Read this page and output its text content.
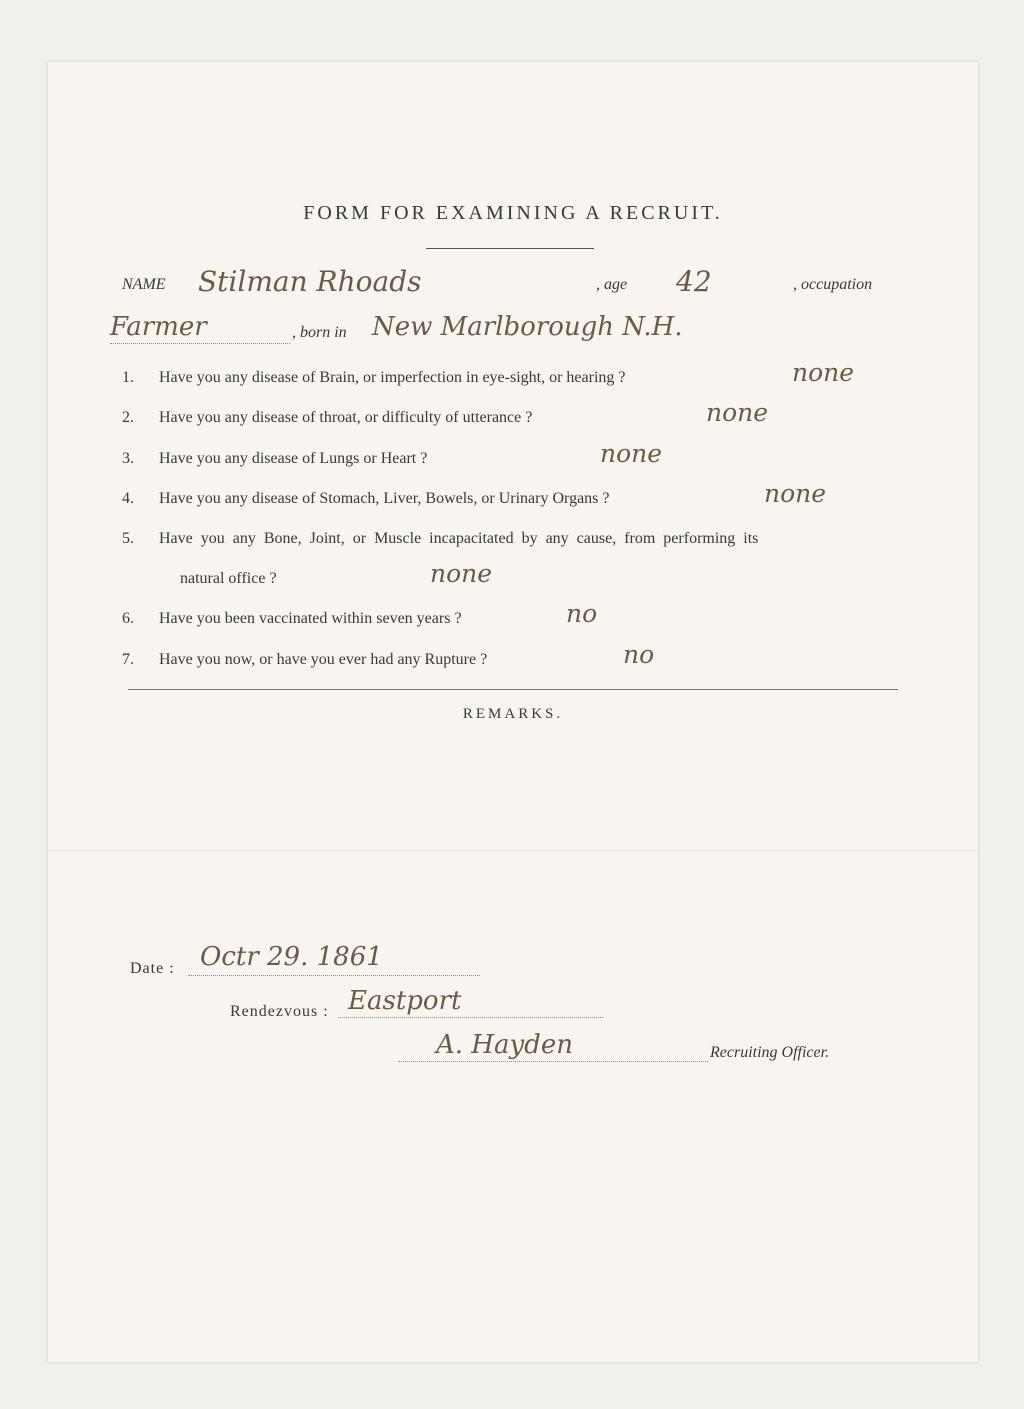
FORM FOR EXAMINING A RECRUIT.
NAME Stilman Rhoads	, age 42	, occupation
Farmer	, born in New Marlborough N.H.
1. Have you any disease of Brain, or imperfection in eye-sight, or hearing ?	none
2. Have you any disease of throat, or difficulty of utterance ?	none
3. Have you any disease of Lungs or Heart ?	none
4. Have you any disease of Stomach, Liver, Bowels, or Urinary Organs ?	none
5. Have you any Bone, Joint, or Muscle incapacitated by any cause, from performing its
natural office ?	none
6. Have you been vaccinated within seven years ?	no
7. Have you now, or have you ever had any Rupture ?	no
REMARKS.
Date : Octr 29. 1861
Rendezvous : Eastport
A. Hayden	Recruiting Officer.
